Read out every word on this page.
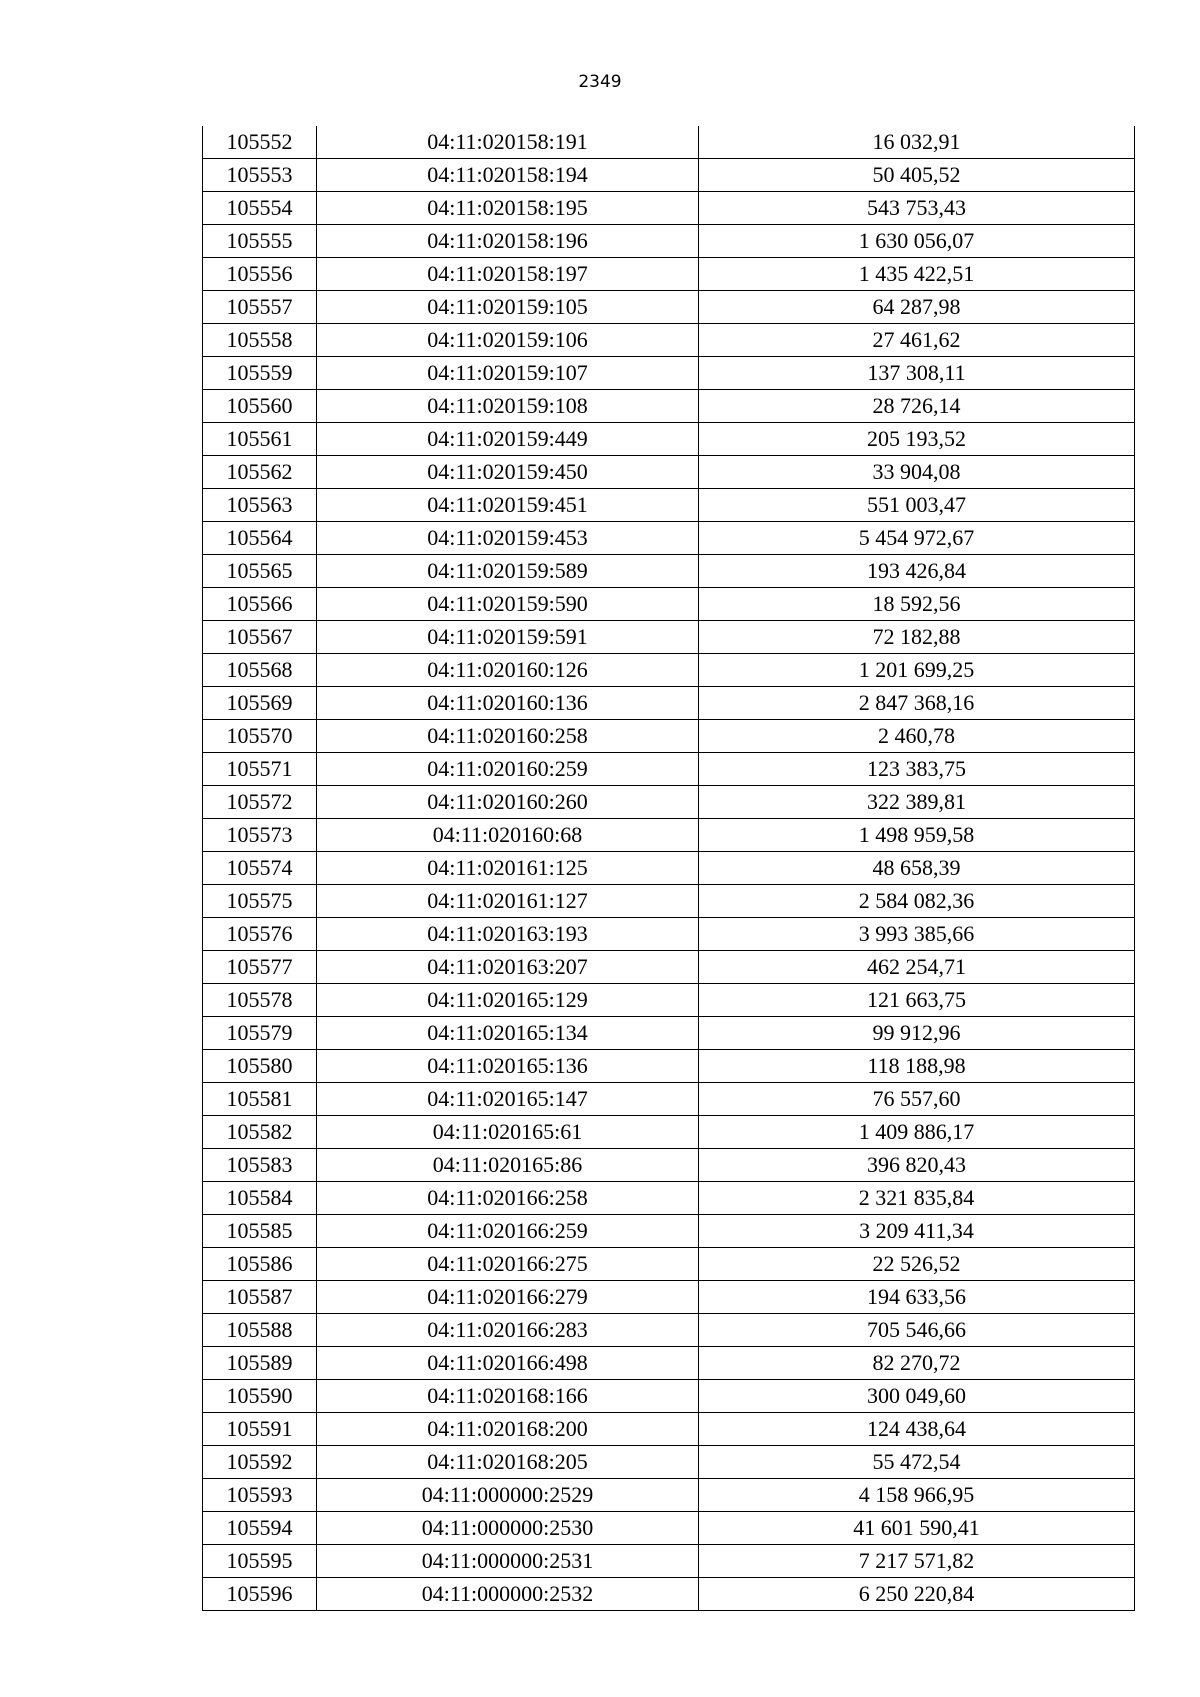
2349
105552	04:11:020158:191	16 032,91
105553	04:11:020158:194	50 405,52
105554	04:11:020158:195	543 753,43
105555	04:11:020158:196	1 630 056,07
105556	04:11:020158:197	1 435 422,51
105557	04:11:020159:105	64 287,98
105558	04:11:020159:106	27 461,62
105559	04:11:020159:107	137 308,11
105560	04:11:020159:108	28 726,14
105561	04:11:020159:449	205 193,52
105562	04:11:020159:450	33 904,08
105563	04:11:020159:451	551 003,47
105564	04:11:020159:453	5 454 972,67
105565	04:11:020159:589	193 426,84
105566	04:11:020159:590	18 592,56
105567	04:11:020159:591	72 182,88
105568	04:11:020160:126	1 201 699,25
105569	04:11:020160:136	2 847 368,16
105570	04:11:020160:258	2 460,78
105571	04:11:020160:259	123 383,75
105572	04:11:020160:260	322 389,81
105573	04:11:020160:68	1 498 959,58
105574	04:11:020161:125	48 658,39
105575	04:11:020161:127	2 584 082,36
105576	04:11:020163:193	3 993 385,66
105577	04:11:020163:207	462 254,71
105578	04:11:020165:129	121 663,75
105579	04:11:020165:134	99 912,96
105580	04:11:020165:136	118 188,98
105581	04:11:020165:147	76 557,60
105582	04:11:020165:61	1 409 886,17
105583	04:11:020165:86	396 820,43
105584	04:11:020166:258	2 321 835,84
105585	04:11:020166:259	3 209 411,34
105586	04:11:020166:275	22 526,52
105587	04:11:020166:279	194 633,56
105588	04:11:020166:283	705 546,66
105589	04:11:020166:498	82 270,72
105590	04:11:020168:166	300 049,60
105591	04:11:020168:200	124 438,64
105592	04:11:020168:205	55 472,54
105593	04:11:000000:2529	4 158 966,95
105594	04:11:000000:2530	41 601 590,41
105595	04:11:000000:2531	7 217 571,82
105596	04:11:000000:2532	6 250 220,84
